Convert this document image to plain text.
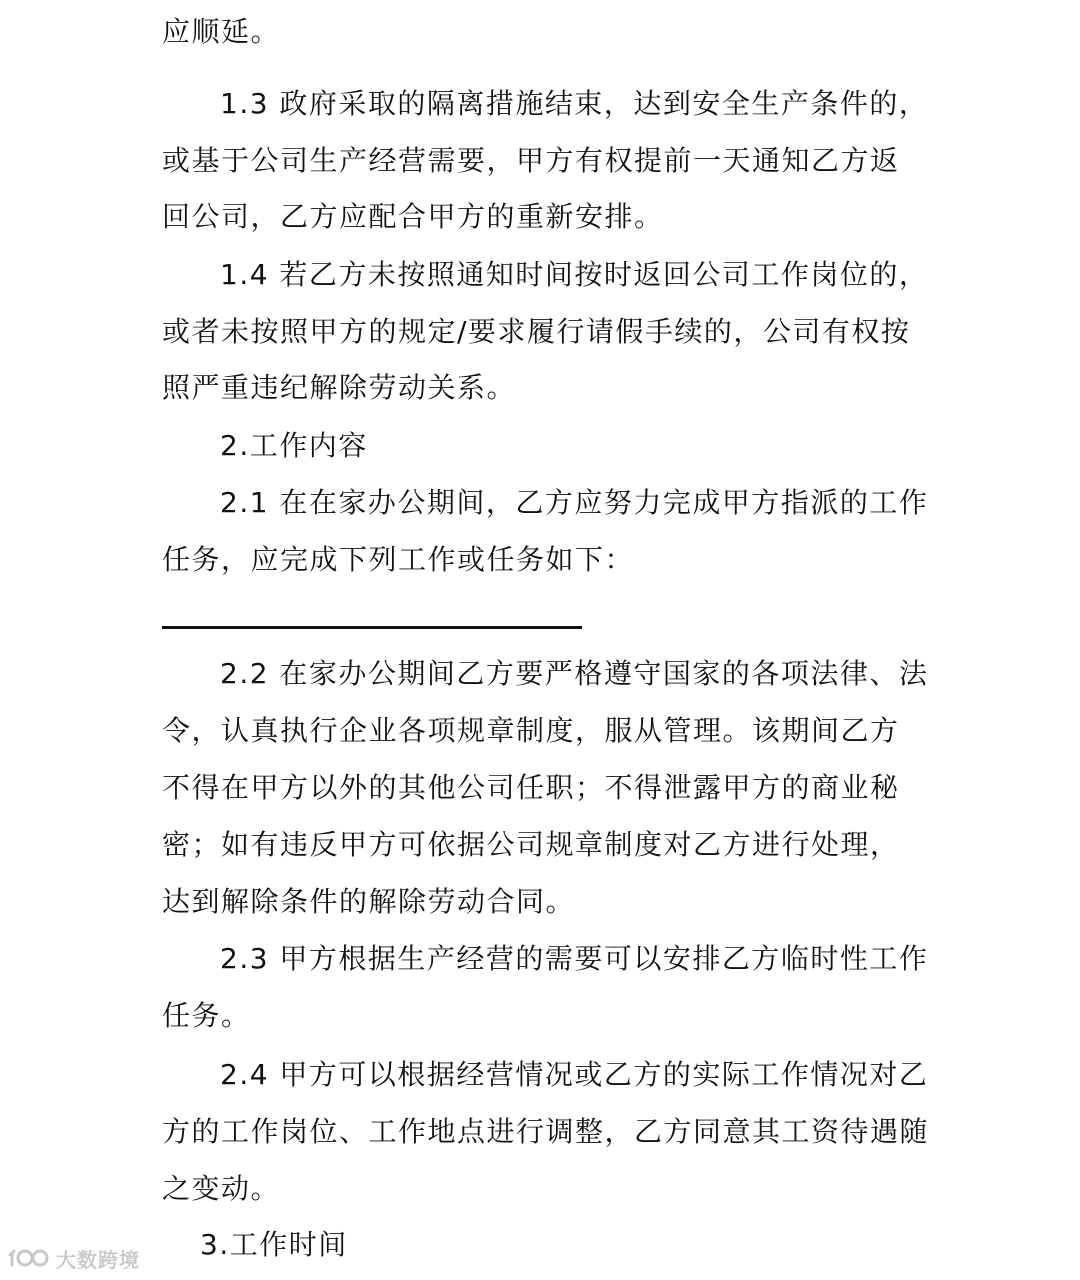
应顺延。

1.3 政府采取的隔离措施结束，达到安全生产条件的，

或基于公司生产经营需要，甲方有权提前一天通知乙方返

回公司，乙方应配合甲方的重新安排。

1.4 若乙方未按照通知时间按时返回公司工作岗位的，

或者未按照甲方的规定/要求履行请假手续的，公司有权按

照严重违纪解除劳动关系。

2.工作内容

2.1 在在家办公期间，乙方应努力完成甲方指派的工作

任务，应完成下列工作或任务如下：

2.2 在家办公期间乙方要严格遵守国家的各项法律、法

令，认真执行企业各项规章制度，服从管理。该期间乙方

不得在甲方以外的其他公司任职；不得泄露甲方的商业秘

密；如有违反甲方可依据公司规章制度对乙方进行处理，

达到解除条件的解除劳动合同。

2.3 甲方根据生产经营的需要可以安排乙方临时性工作

任务。

2.4 甲方可以根据经营情况或乙方的实际工作情况对乙

方的工作岗位、工作地点进行调整，乙方同意其工资待遇随

之变动。

3.工作时间

大数跨境
